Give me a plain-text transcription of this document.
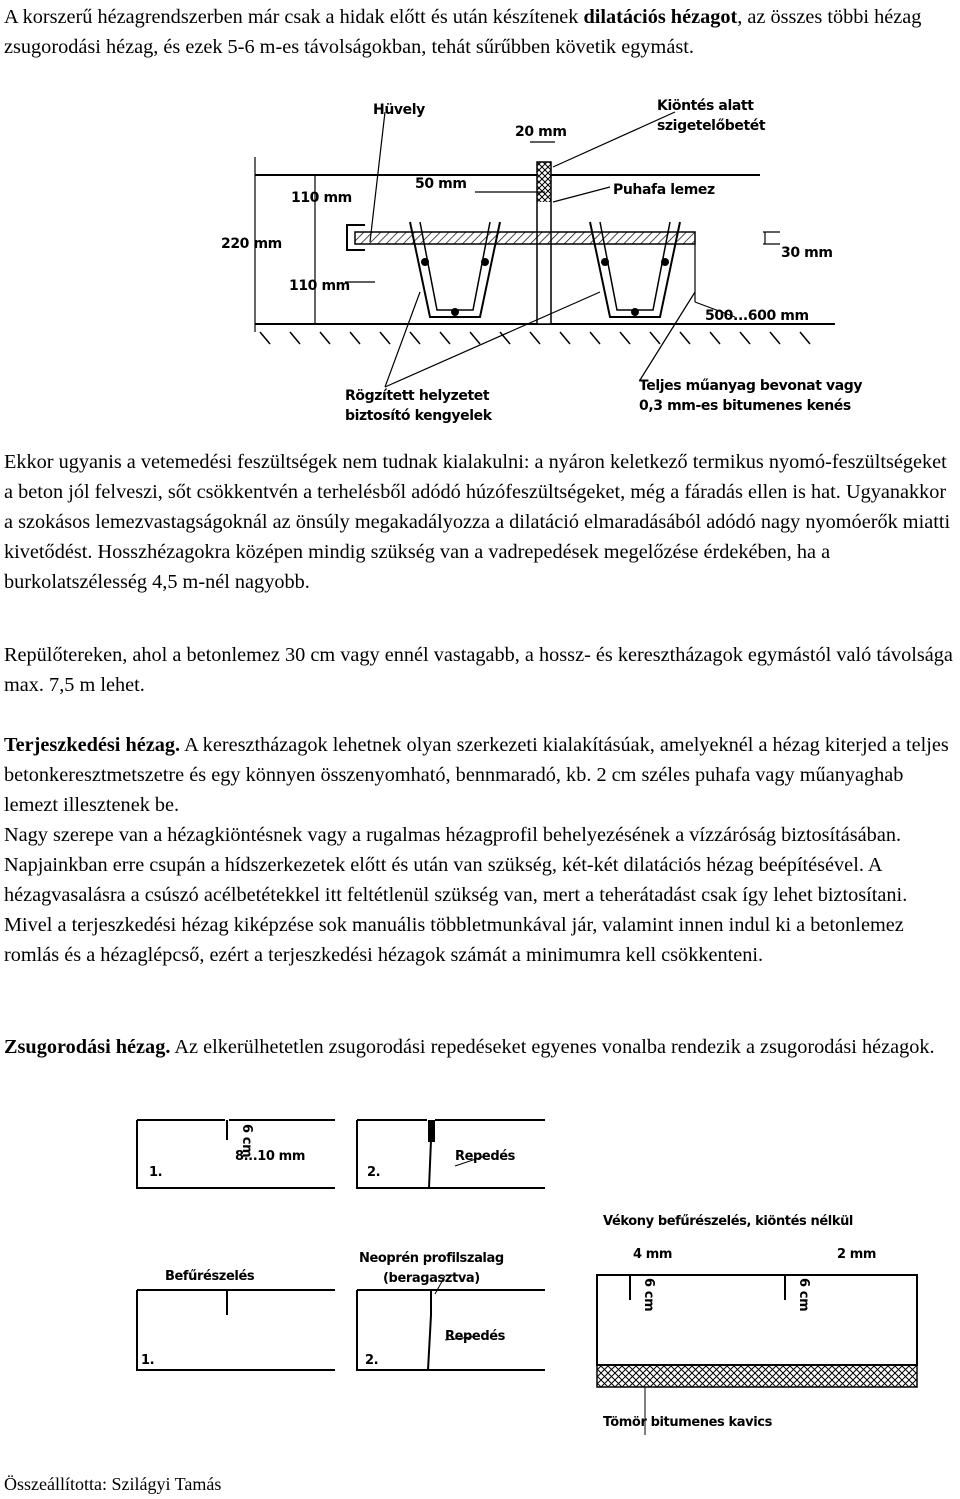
A korszerű hézagrendszerben már csak a hidak előtt és után készítenek dilatációs hézagot, az összes többi hézag zsugorodási hézag, és ezek 5-6 m-es távolságokban, tehát sűrűbben követik egymást.

Hüvely
20 mm
Kiöntés alatt
szigetelőbetét
110 mm
50 mm	Puhafa lemez
220 mm
30 mm
110 mm
500...600 mm
Rögzített helyzetet
biztosító kengyelek
Teljes műanyag bevonat vagy
0,3 mm-es bitumenes kenés

Ekkor ugyanis a vetemedési feszültségek nem tudnak kialakulni: a nyáron keletkező termikus nyomó-feszültségeket a beton jól felveszi, sőt csökkentvén a terhelésből adódó húzófeszültségeket, még a fáradás ellen is hat. Ugyanakkor a szokásos lemezvastagságoknál az önsúly megakadályozza a dilatáció elmaradásából adódó nagy nyomóerők miatti kivetődést. Hosszhézagokra középen mindig szükség van a vadrepedések megelőzése érdekében, ha a burkolatszélesség 4,5 m-nél nagyobb.

Repülőtereken, ahol a betonlemez 30 cm vagy ennél vastagabb, a hossz- és keresztházagok egymástól való távolsága max. 7,5 m lehet.

Terjeszkedési hézag. A keresztházagok lehetnek olyan szerkezeti kialakításúak, amelyeknél a hézag kiterjed a teljes betonkeresztmetszetre és egy könnyen összenyomható, bennmaradó, kb. 2 cm széles puhafa vagy műanyaghab lemezt illesztenek be.

Nagy szerepe van a hézagkiöntésnek vagy a rugalmas hézagprofil behelyezésének a vízzáróság biztosításában. Napjainkban erre csupán a hídszerkezetek előtt és után van szükség, két-két dilatációs hézag beépítésével. A hézagvasalásra a csúszó acélbetétekkel itt feltétlenül szükség van, mert a teherátadást csak így lehet biztosítani. Mivel a terjeszkedési hézag kiképzése sok manuális többletmunkával jár, valamint innen indul ki a betonlemez romlás és a hézaglépcső, ezért a terjeszkedési hézagok számát a minimumra kell csökkenteni.

Zsugorodási hézag. Az elkerülhetetlen zsugorodási repedéseket egyenes vonalba rendezik a zsugorodási hézagok.

6 cm
8...10 mm
1.	2.
Repedés
Vékony befűrészelés, kiöntés nélkül
Neoprén profilszalag
(beragasztva)
4 mm	2 mm
6 cm	6 cm
Befűrészelés
Repedés
1.	2.
Tömör bitumenes kavics
Összeállította: Szilágyi Tamás
